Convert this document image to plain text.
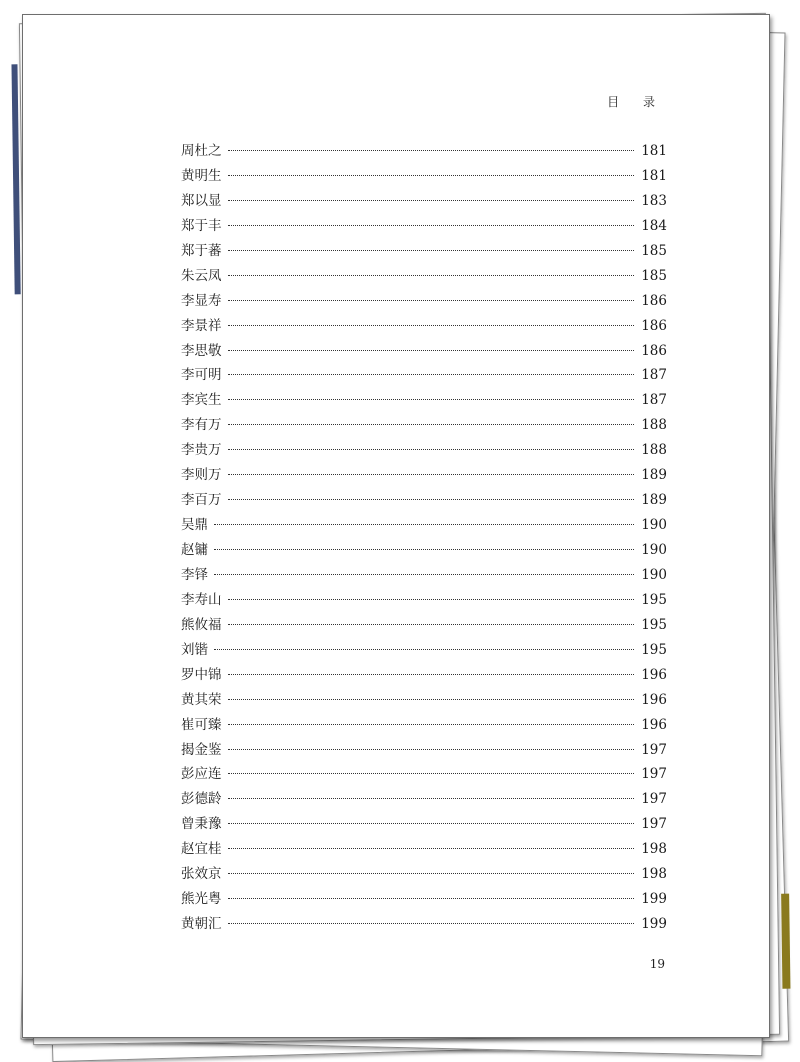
目 录
周杜之	181
黄明生	181
郑以显	183
郑于丰	184
郑于蕃	185
朱云凤	185
李显寿	186
李景祥	186
李思敬	186
李可明	187
李宾生	187
李有万	188
李贵万	188
李则万	189
李百万	189
吴鼎	190
赵镛	190
李铎	190
李寿山	195
熊攸福	195
刘锴	195
罗中锦	196
黄其荣	196
崔可臻	196
揭金鉴	197
彭应连	197
彭德龄	197
曾秉豫	197
赵宜桂	198
张效京	198
熊光粤	199
黄朝汇	199
19
